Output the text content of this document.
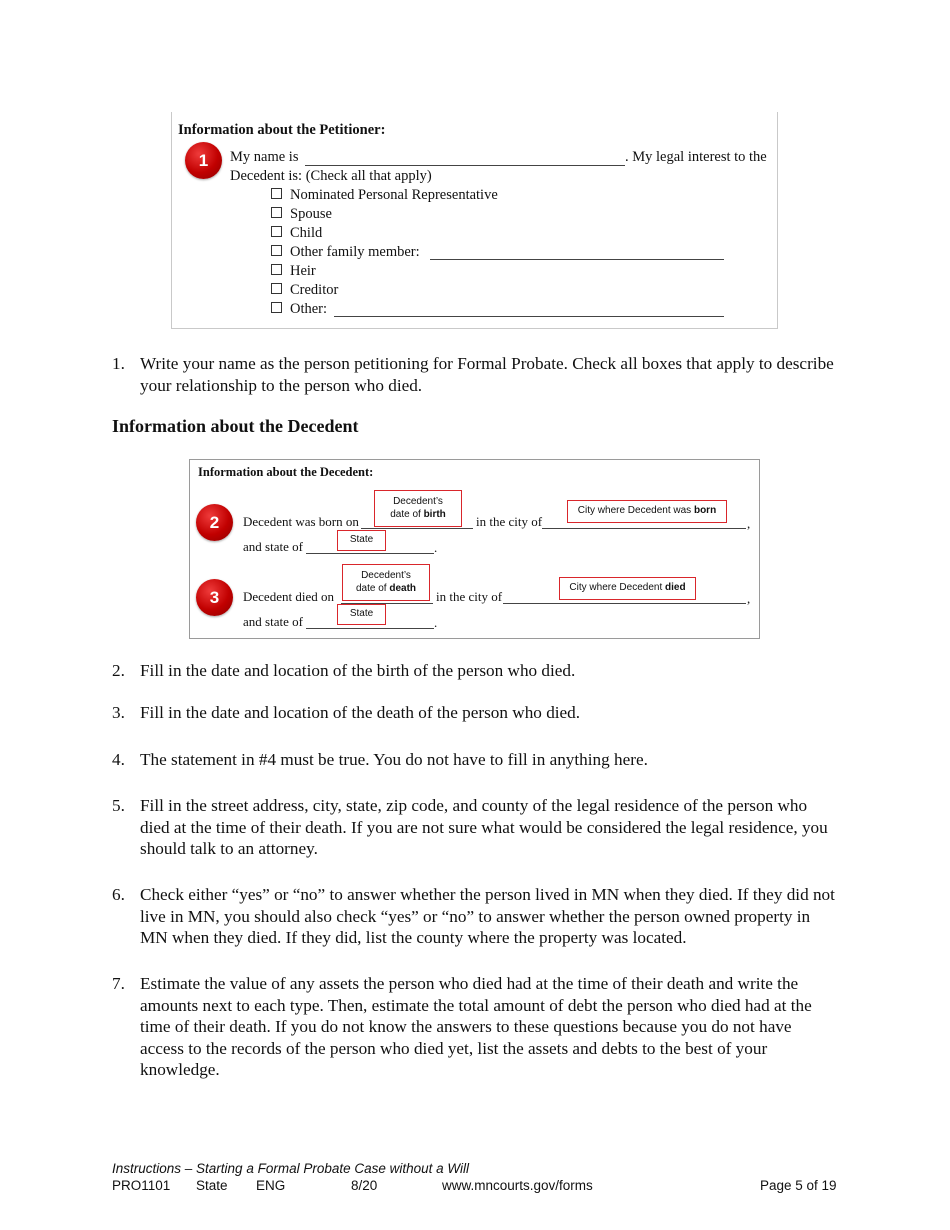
Information about the Petitioner:
1	My name is	. My legal interest to the
Decedent is: (Check all that apply)
Nominated Personal Representative
Spouse
Child
Other family member:
Heir
Creditor
Other:
1. Write your name as the person petitioning for Formal Probate. Check all boxes that apply to describe your relationship to the person who died.
Information about the Decedent
Information about the Decedent:
2	Decedent was born on	in the city of	,
and state of	.
Decedent’s
date of birth	City where Decedent was born
State
3	Decedent died on	in the city of	,
and state of	.
Decedent’s
date of death	City where Decedent died
State
2. Fill in the date and location of the birth of the person who died.
3. Fill in the date and location of the death of the person who died.
4. The statement in #4 must be true. You do not have to fill in anything here.
5. Fill in the street address, city, state, zip code, and county of the legal residence of the person who died at the time of their death. If you are not sure what would be considered the legal residence, you should talk to an attorney.
6. Check either “yes” or “no” to answer whether the person lived in MN when they died. If they did not live in MN, you should also check “yes” or “no” to answer whether the person owned property in MN when they died. If they did, list the county where the property was located.
7. Estimate the value of any assets the person who died had at the time of their death and write the amounts next to each type. Then, estimate the total amount of debt the person who died had at the time of their death. If you do not know the answers to these questions because you do not have access to the records of the person who died yet, list the assets and debts to the best of your knowledge.
Instructions – Starting a Formal Probate Case without a Will
PRO1101 State ENG	8/20	www.mncourts.gov/forms	Page 5 of 19
